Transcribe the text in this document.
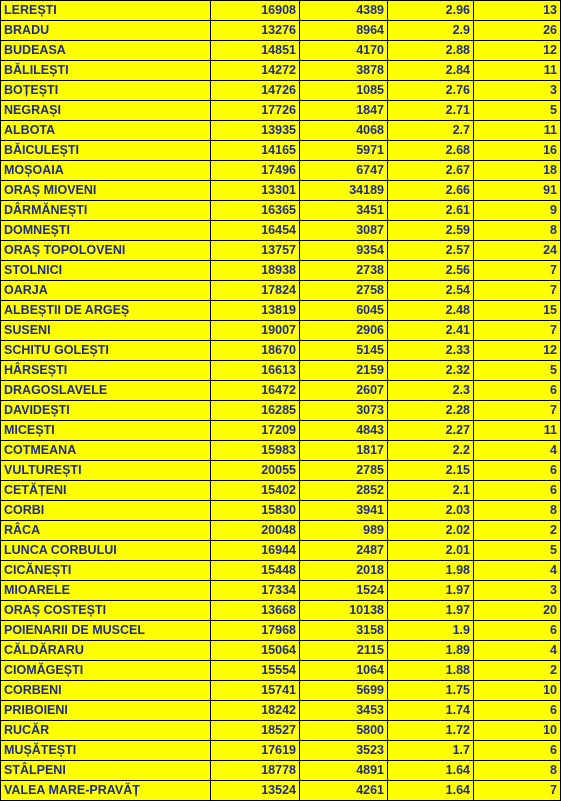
LEREȘTI	16908	4389	2.96	13
BRADU	13276	8964	2.9	26
BUDEASA	14851	4170	2.88	12
BĂLILEȘTI	14272	3878	2.84	11
BOȚEȘTI	14726	1085	2.76	3
NEGRAȘI	17726	1847	2.71	5
ALBOTA	13935	4068	2.7	11
BĂICULEȘTI	14165	5971	2.68	16
MOȘOAIA	17496	6747	2.67	18
ORAȘ MIOVENI	13301	34189	2.66	91
DÂRMĂNEȘTI	16365	3451	2.61	9
DOMNEȘTI	16454	3087	2.59	8
ORAȘ TOPOLOVENI	13757	9354	2.57	24
STOLNICI	18938	2738	2.56	7
OARJA	17824	2758	2.54	7
ALBEȘTII DE ARGEȘ	13819	6045	2.48	15
SUSENI	19007	2906	2.41	7
SCHITU GOLEȘTI	18670	5145	2.33	12
HÂRSEȘTI	16613	2159	2.32	5
DRAGOSLAVELE	16472	2607	2.3	6
DAVIDEȘTI	16285	3073	2.28	7
MICEȘTI	17209	4843	2.27	11
COTMEANA	15983	1817	2.2	4
VULTUREȘTI	20055	2785	2.15	6
CETĂȚENI	15402	2852	2.1	6
CORBI	15830	3941	2.03	8
RÂCA	20048	989	2.02	2
LUNCA CORBULUI	16944	2487	2.01	5
CICĂNEȘTI	15448	2018	1.98	4
MIOARELE	17334	1524	1.97	3
ORAȘ COSTEȘTI	13668	10138	1.97	20
POIENARII DE MUSCEL	17968	3158	1.9	6
CĂLDĂRARU	15064	2115	1.89	4
CIOMĂGEȘTI	15554	1064	1.88	2
CORBENI	15741	5699	1.75	10
PRIBOIENI	18242	3453	1.74	6
RUCĂR	18527	5800	1.72	10
MUȘĂTEȘTI	17619	3523	1.7	6
STÂLPENI	18778	4891	1.64	8
VALEA MARE-PRAVĂȚ	13524	4261	1.64	7
